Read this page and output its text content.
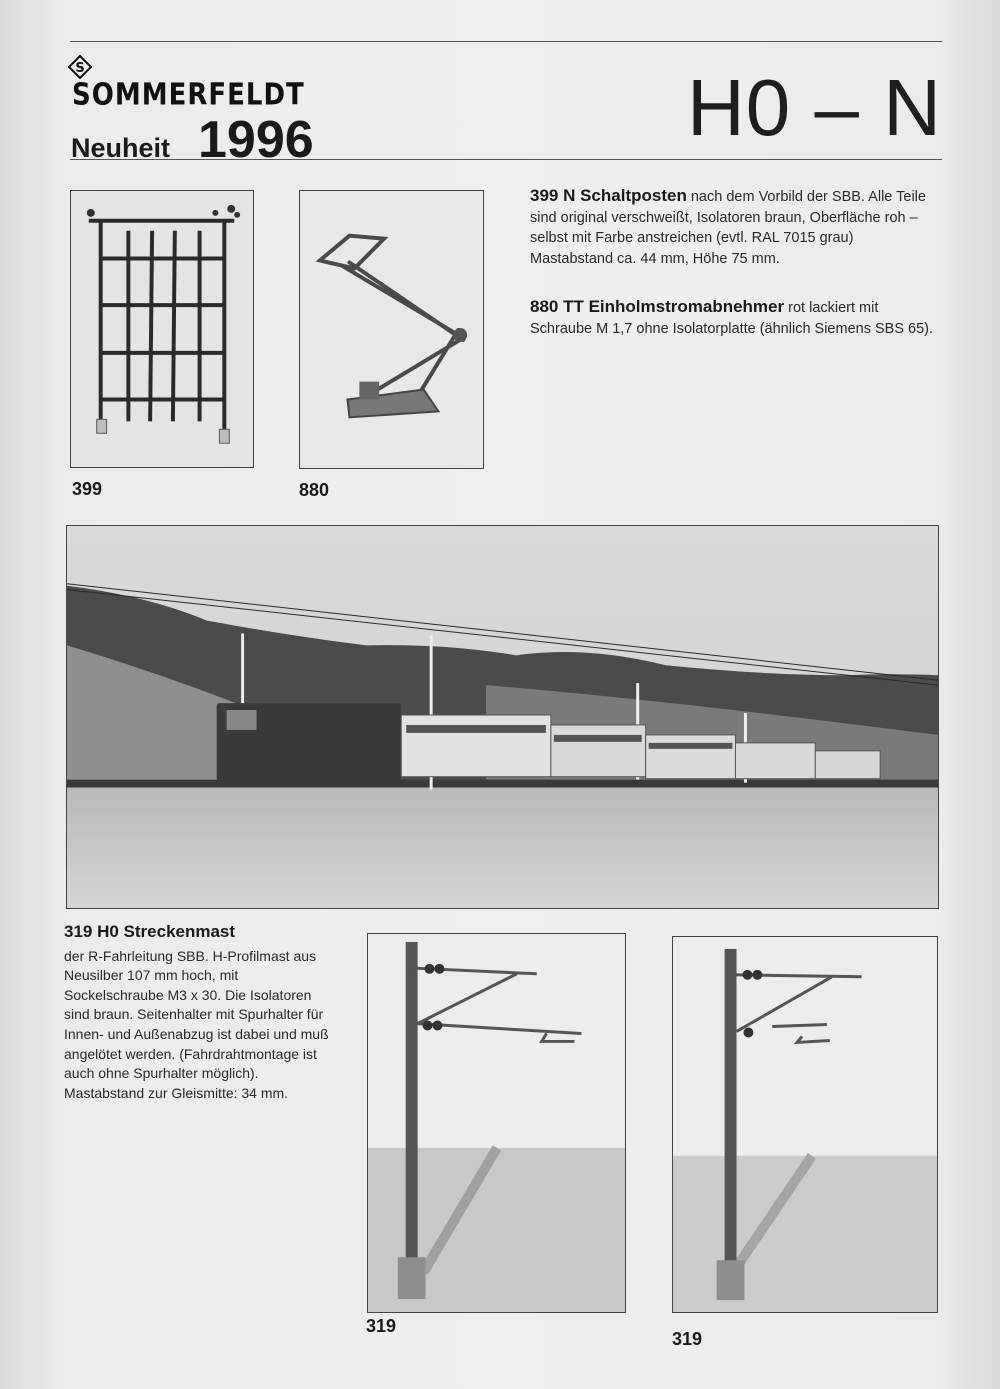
S
SOMMERFELDT
Neuheit 1996	H0 – N
399	880
399 N Schaltposten nach dem Vorbild der SBB. Alle Teile sind original verschweißt, Isolatoren braun, Oberfläche roh – selbst mit Farbe anstreichen (evtl. RAL 7015 grau) Mastabstand ca. 44 mm, Höhe 75 mm.
880 TT Einholmstromabnehmer rot lackiert mit Schraube M 1,7 ohne Isolatorplatte (ähnlich Siemens SBS 65).
319 H0 Streckenmast
der R-Fahrleitung SBB. H-Profilmast aus Neusilber 107 mm hoch, mit Sockelschraube M3 x 30. Die Isolatoren sind braun. Seitenhalter mit Spurhalter für Innen- und Außenabzug ist dabei und muß angelötet werden. (Fahrdrahtmontage ist auch ohne Spurhalter möglich). Mastabstand zur Gleismitte: 34 mm.
319
319
